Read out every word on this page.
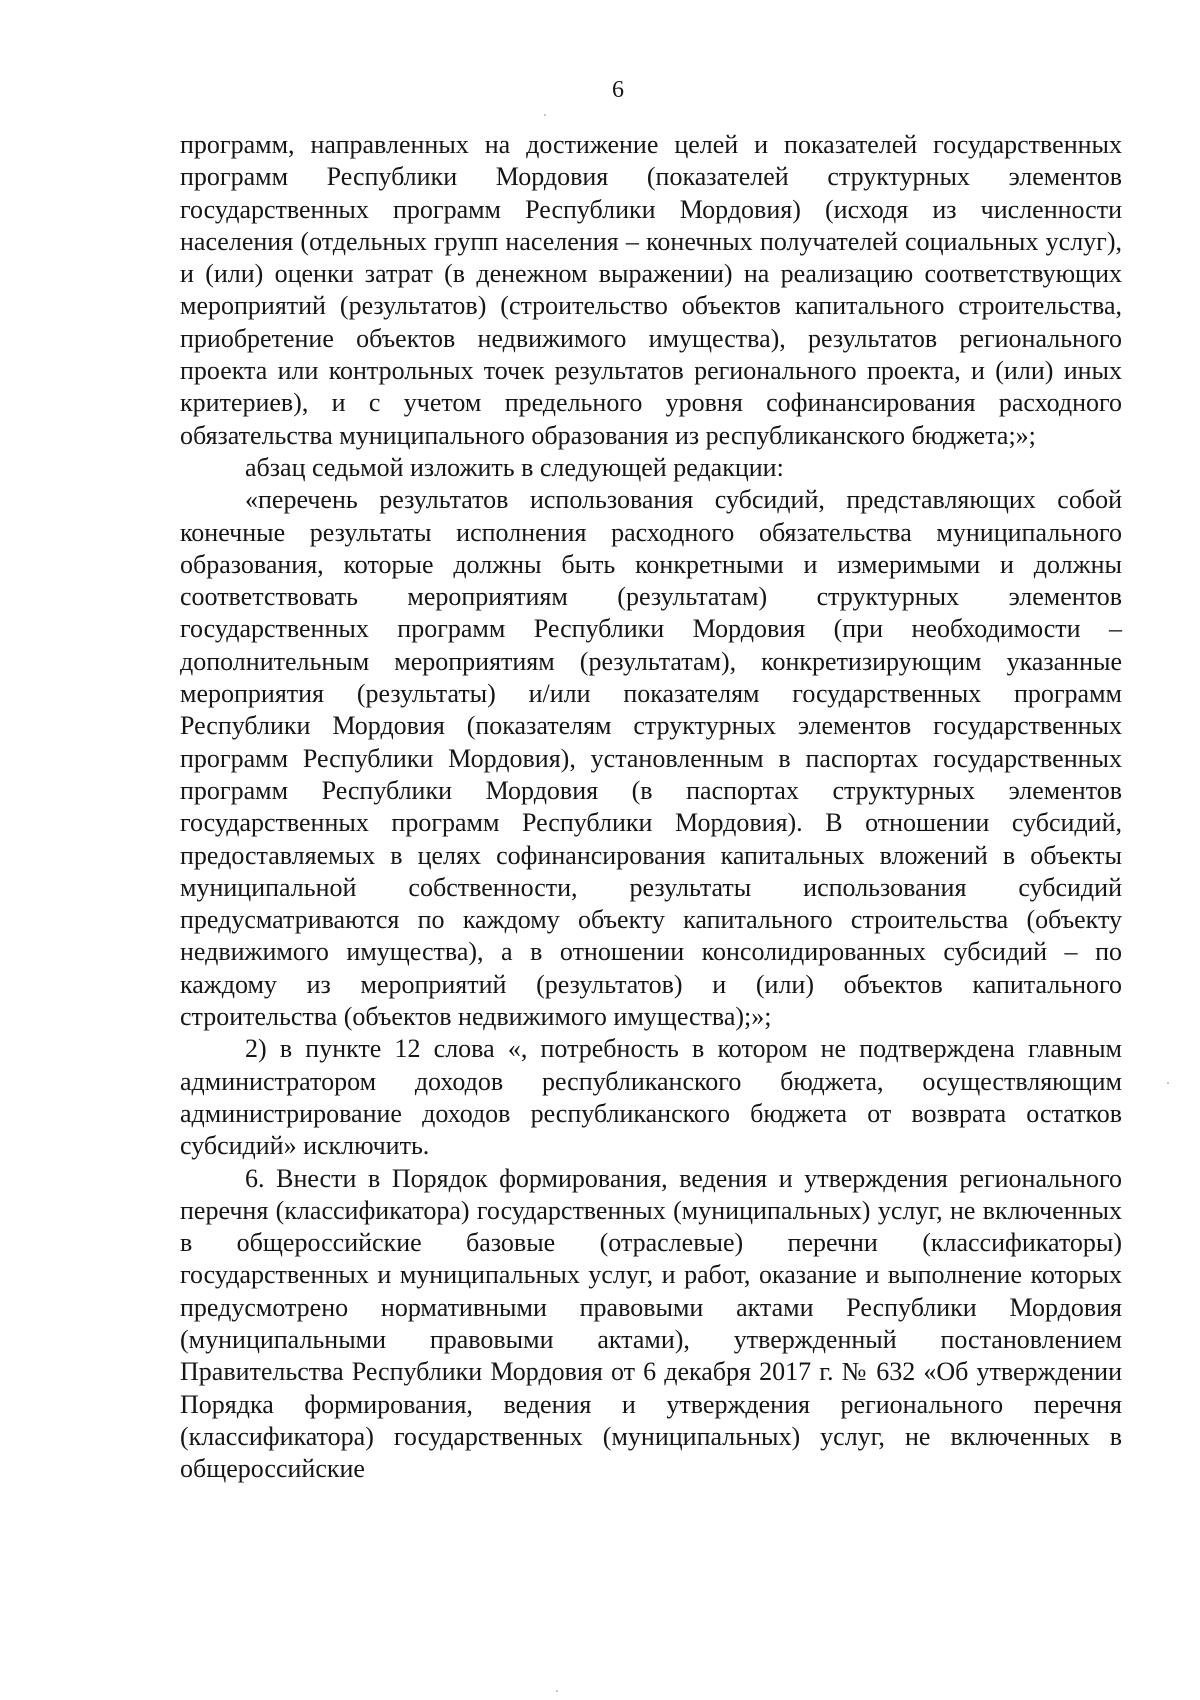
6

программ, направленных на достижение целей и показателей государственных программ Республики Мордовия (показателей структурных элементов государственных программ Республики Мордовия) (исходя из численности населения (отдельных групп населения – конечных получателей социальных услуг), и (или) оценки затрат (в денежном выражении) на реализацию соответствующих мероприятий (результатов) (строительство объектов капитального строительства, приобретение объектов недвижимого имущества), результатов регионального проекта или контрольных точек результатов регионального проекта, и (или) иных критериев), и с учетом предельного уровня софинансирования расходного обязательства муниципального образования из республиканского бюджета;»;

абзац седьмой изложить в следующей редакции:

«перечень результатов использования субсидий, представляющих собой конечные результаты исполнения расходного обязательства муниципального образования, которые должны быть конкретными и измеримыми и должны соответствовать мероприятиям (результатам) структурных элементов государственных программ Республики Мордовия (при необходимости – дополнительным мероприятиям (результатам), конкретизирующим указанные мероприятия (результаты) и/или показателям государственных программ Республики Мордовия (показателям структурных элементов государственных программ Республики Мордовия), установленным в паспортах государственных программ Республики Мордовия (в паспортах структурных элементов государственных программ Республики Мордовия). В отношении субсидий, предоставляемых в целях софинансирования капитальных вложений в объекты муниципальной собственности, результаты использования субсидий предусматриваются по каждому объекту капитального строительства (объекту недвижимого имущества), а в отношении консолидированных субсидий – по каждому из мероприятий (результатов) и (или) объектов капитального строительства (объектов недвижимого имущества);»;

2) в пункте 12 слова «, потребность в котором не подтверждена главным администратором доходов республиканского бюджета, осуществляющим администрирование доходов республиканского бюджета от возврата остатков субсидий» исключить.

6. Внести в Порядок формирования, ведения и утверждения регионального перечня (классификатора) государственных (муниципальных) услуг, не включенных в общероссийские базовые (отраслевые) перечни (классификаторы) государственных и муниципальных услуг, и работ, оказание и выполнение которых предусмотрено нормативными правовыми актами Республики Мордовия (муниципальными правовыми актами), утвержденный постановлением Правительства Республики Мордовия от 6 декабря 2017 г. № 632 «Об утверждении Порядка формирования, ведения и утверждения регионального перечня (классификатора) государственных (муниципальных) услуг, не включенных в общероссийские
